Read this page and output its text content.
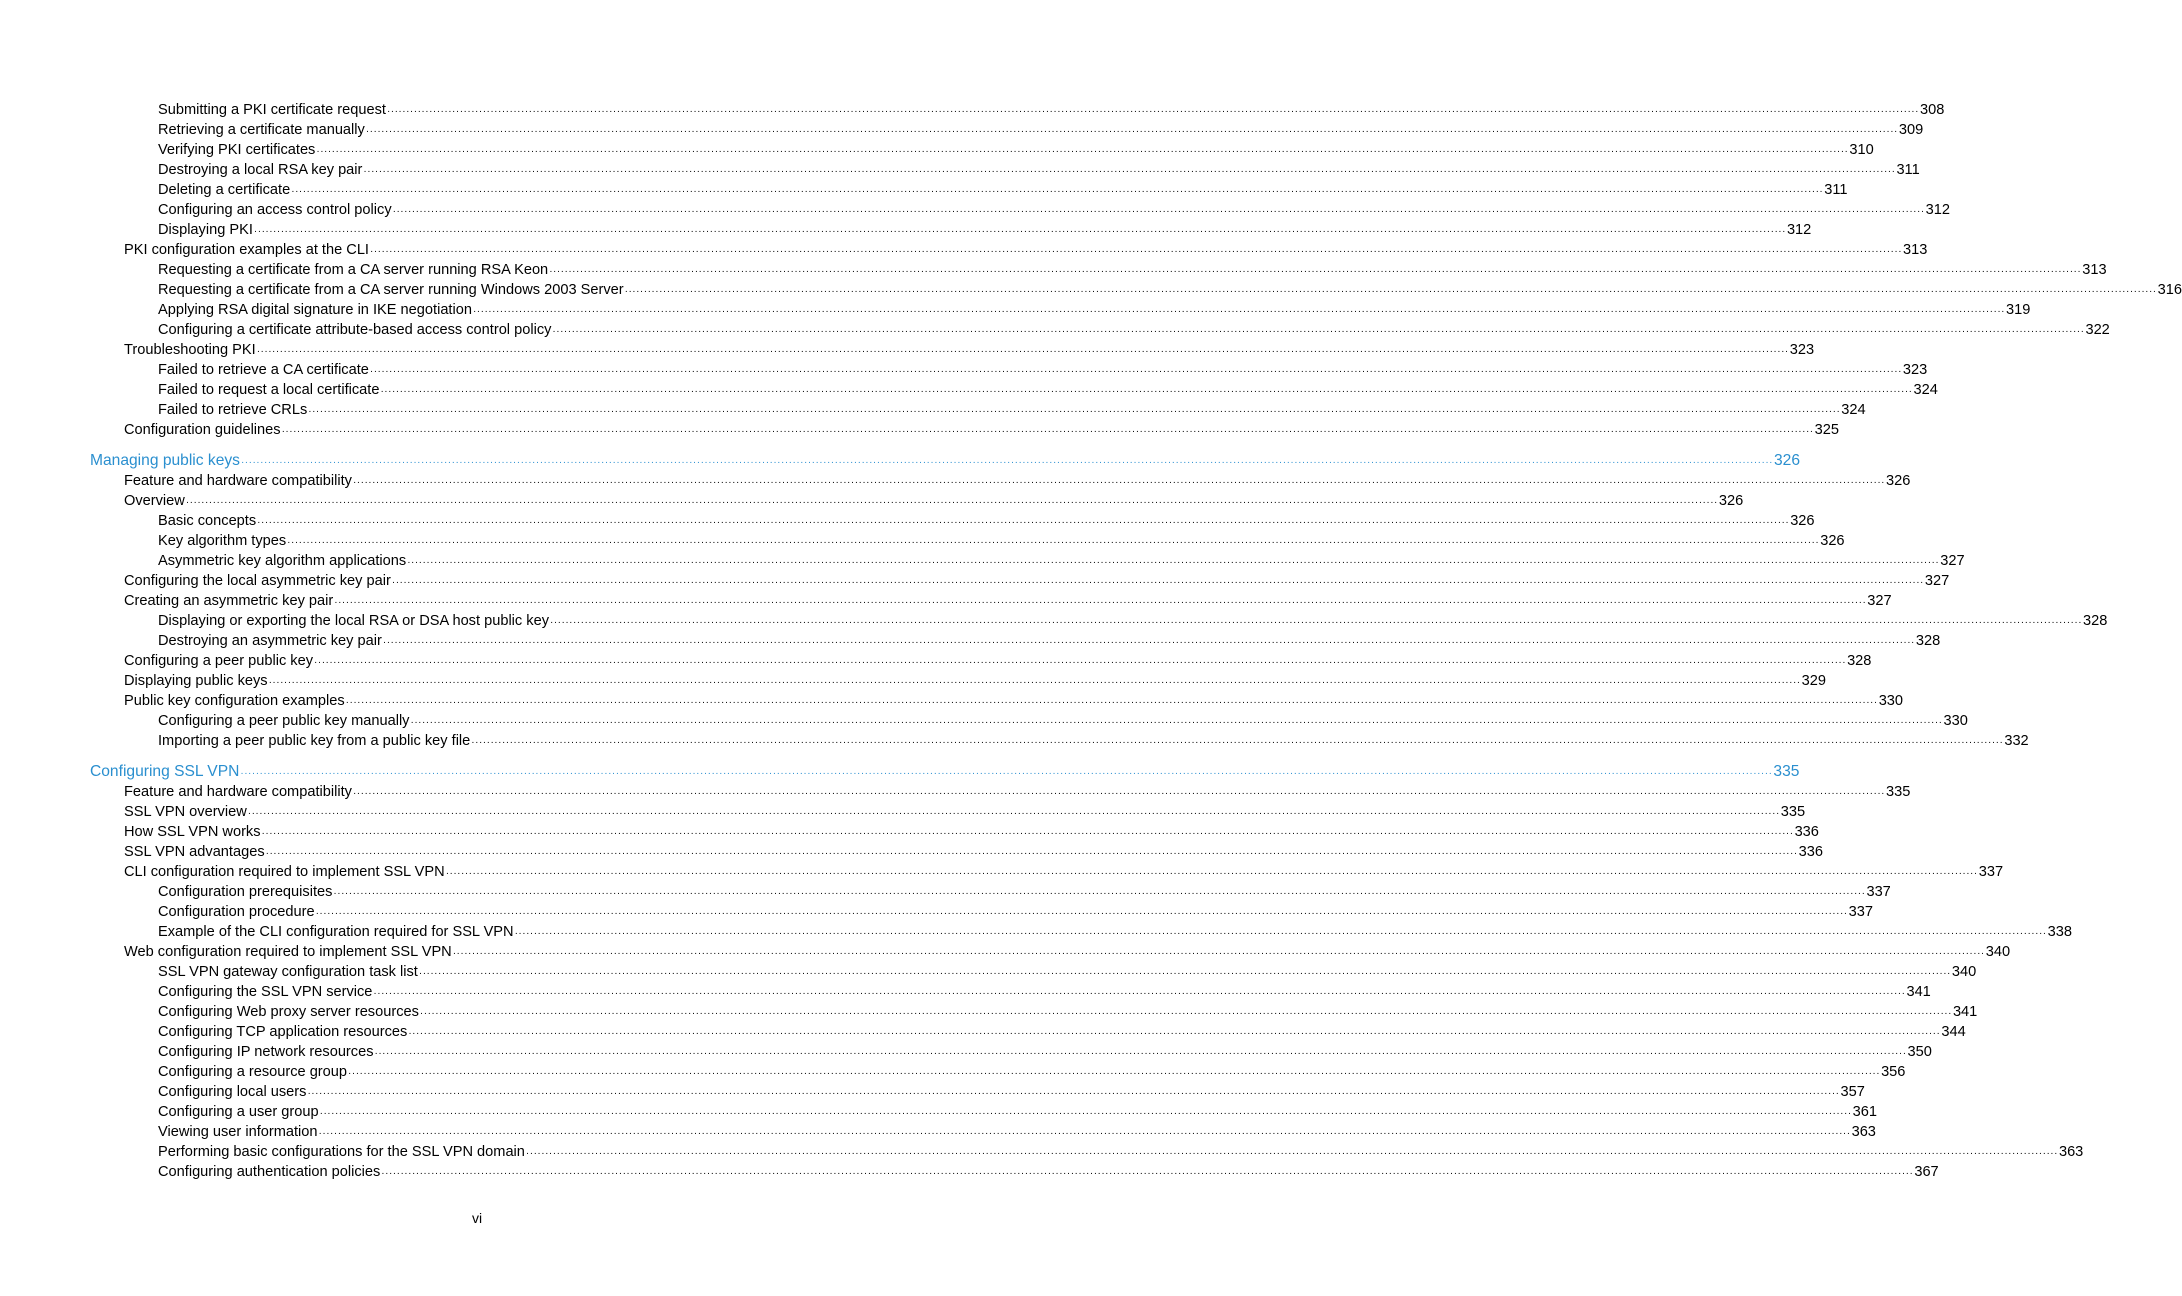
Submitting a PKI certificate request ················································································································································································································································································································································································································ 308
Retrieving a certificate manually ················································································································································································································································································································································································································ 309
Verifying PKI certificates ················································································································································································································································································································································································································ 310
Destroying a local RSA key pair ················································································································································································································································································································································································································ 311
Deleting a certificate ················································································································································································································································································································································································································ 311
Configuring an access control policy ················································································································································································································································································································································································································ 312
Displaying PKI ················································································································································································································································································································································································································ 312
PKI configuration examples at the CLI ················································································································································································································································································································································································································ 313
Requesting a certificate from a CA server running RSA Keon ················································································································································································································································································································································································································ 313
Requesting a certificate from a CA server running Windows 2003 Server ················································································································································································································································································································································································································ 316
Applying RSA digital signature in IKE negotiation ················································································································································································································································································································································································································ 319
Configuring a certificate attribute-based access control policy ················································································································································································································································································································································································································ 322
Troubleshooting PKI ················································································································································································································································································································································································································ 323
Failed to retrieve a CA certificate ················································································································································································································································································································································································································ 323
Failed to request a local certificate ················································································································································································································································································································································································································ 324
Failed to retrieve CRLs ················································································································································································································································································································································································································ 324
Configuration guidelines ················································································································································································································································································································································································································ 325
Managing public keys ················································································································································································································································································································································································································ 326
Feature and hardware compatibility ················································································································································································································································································································································································································ 326
Overview ················································································································································································································································································································································································································ 326
Basic concepts ················································································································································································································································································································································································································ 326
Key algorithm types ················································································································································································································································································································································································································ 326
Asymmetric key algorithm applications ················································································································································································································································································································································································································ 327
Configuring the local asymmetric key pair ················································································································································································································································································································································································································ 327
Creating an asymmetric key pair ················································································································································································································································································································································································································ 327
Displaying or exporting the local RSA or DSA host public key ················································································································································································································································································································································································································ 328
Destroying an asymmetric key pair ················································································································································································································································································································································································································ 328
Configuring a peer public key ················································································································································································································································································································································································································ 328
Displaying public keys ················································································································································································································································································································································································································ 329
Public key configuration examples ················································································································································································································································································································································································································ 330
Configuring a peer public key manually ················································································································································································································································································································································································································ 330
Importing a peer public key from a public key file ················································································································································································································································································································································································································ 332
Configuring SSL VPN ················································································································································································································································································································································································································ 335
Feature and hardware compatibility ················································································································································································································································································································································································································ 335
SSL VPN overview ················································································································································································································································································································································································································ 335
How SSL VPN works ················································································································································································································································································································································································································ 336
SSL VPN advantages ················································································································································································································································································································································································································ 336
CLI configuration required to implement SSL VPN ················································································································································································································································································································································································································ 337
Configuration prerequisites ················································································································································································································································································································································································································ 337
Configuration procedure ················································································································································································································································································································································································································ 337
Example of the CLI configuration required for SSL VPN ················································································································································································································································································································································································································ 338
Web configuration required to implement SSL VPN ················································································································································································································································································································································································································ 340
SSL VPN gateway configuration task list ················································································································································································································································································································································································································ 340
Configuring the SSL VPN service ················································································································································································································································································································································································································ 341
Configuring Web proxy server resources ················································································································································································································································································································································································································ 341
Configuring TCP application resources ················································································································································································································································································································································································································ 344
Configuring IP network resources ················································································································································································································································································································································································································ 350
Configuring a resource group ················································································································································································································································································································································································································ 356
Configuring local users ················································································································································································································································································································································································································ 357
Configuring a user group ················································································································································································································································································································································································································ 361
Viewing user information ················································································································································································································································································································································································································ 363
Performing basic configurations for the SSL VPN domain ················································································································································································································································································································································································································ 363
Configuring authentication policies ················································································································································································································································································································································································································ 367
vi
